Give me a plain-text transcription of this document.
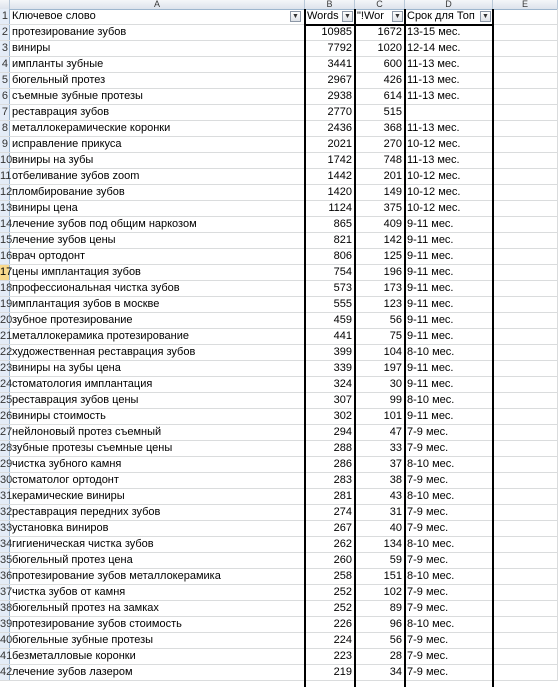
A	B	C	D	E
1 Ключевое слово	▼ Words ▼ "!Wor	▼ Срок для Топ	▼
2 протезирование зубов	10985	1672 13-15 мес.
3 виниры	7792	1020 12-14 мес.
4 импланты зубные	3441	600 11-13 мес.
5 бюгельный протез	2967	426 11-13 мес.
6 съемные зубные протезы	2938	614 11-13 мес.
7 реставрация зубов	2770	515
8 металлокерамические коронки	2436	368 11-13 мес.
9 исправление прикуса	2021	270 10-12 мес.
10 виниры на зубы	1742	748 11-13 мес.
11 отбеливание зубов zoom	1442	201 10-12 мес.
12 пломбирование зубов	1420	149 10-12 мес.
13 виниры цена	1124	375 10-12 мес.
14 лечение зубов под общим наркозом	865	409 9-11 мес.
15 лечение зубов цены	821	142 9-11 мес.
16 врач ортодонт	806	125 9-11 мес.
17 цены имплантация зубов	754	196 9-11 мес.
18 профессиональная чистка зубов	573	173 9-11 мес.
19 имплантация зубов в москве	555	123 9-11 мес.
20 зубное протезирование	459	56 9-11 мес.
21 металлокерамика протезирование	441	75 9-11 мес.
22 художественная реставрация зубов	399	104 8-10 мес.
23 виниры на зубы цена	339	197 9-11 мес.
24 стоматология имплантация	324	30 9-11 мес.
25 реставрация зубов цены	307	99 8-10 мес.
26 виниры стоимость	302	101 9-11 мес.
27 нейлоновый протез съемный	294	47 7-9 мес.
28 зубные протезы съемные цены	288	33 7-9 мес.
29 чистка зубного камня	286	37 8-10 мес.
30 стоматолог ортодонт	283	38 7-9 мес.
31 керамические виниры	281	43 8-10 мес.
32 реставрация передних зубов	274	31 7-9 мес.
33 установка виниров	267	40 7-9 мес.
34 гигиеническая чистка зубов	262	134 8-10 мес.
35 бюгельный протез цена	260	59 7-9 мес.
36 протезирование зубов металлокерамика	258	151 8-10 мес.
37 чистка зубов от камня	252	102 7-9 мес.
38 бюгельный протез на замках	252	89 7-9 мес.
39 протезирование зубов стоимость	226	96 8-10 мес.
40 бюгельные зубные протезы	224	56 7-9 мес.
41 безметалловые коронки	223	28 7-9 мес.
42 лечение зубов лазером	219	34 7-9 мес.
